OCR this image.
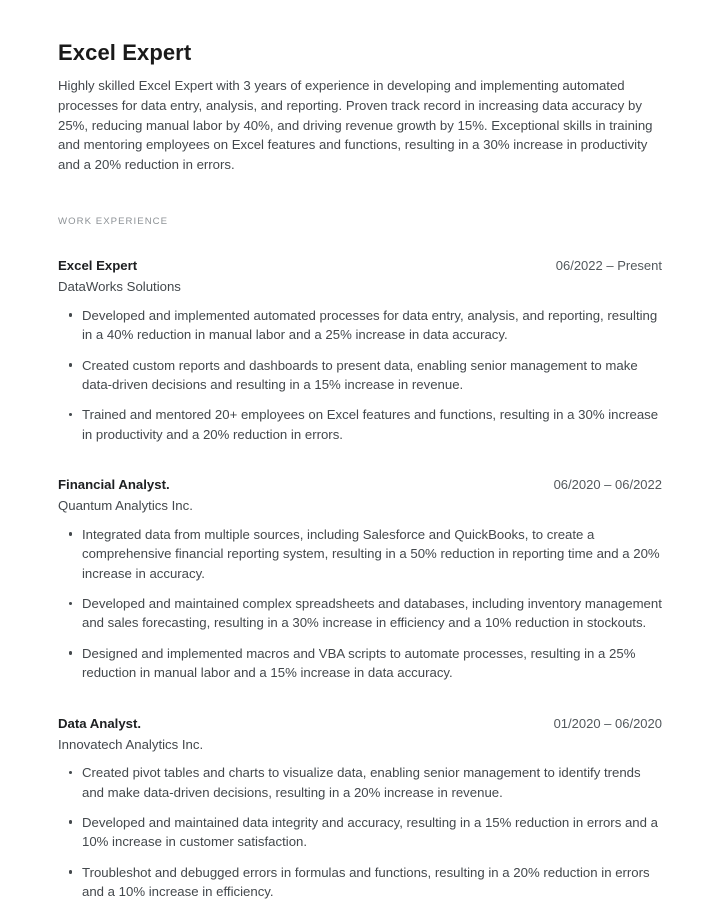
Excel Expert

Highly skilled Excel Expert with 3 years of experience in developing and implementing automated processes for data entry, analysis, and reporting. Proven track record in increasing data accuracy by 25%, reducing manual labor by 40%, and driving revenue growth by 15%. Exceptional skills in training and mentoring employees on Excel features and functions, resulting in a 30% increase in productivity and a 20% reduction in errors.

WORK EXPERIENCE
Excel Expert	06/2022 – Present
DataWorks Solutions
Developed and implemented automated processes for data entry, analysis, and reporting, resulting in a 40% reduction in manual labor and a 25% increase in data accuracy.
Created custom reports and dashboards to present data, enabling senior management to make data-driven decisions and resulting in a 15% increase in revenue.
Trained and mentored 20+ employees on Excel features and functions, resulting in a 30% increase in productivity and a 20% reduction in errors.
Financial Analyst.	06/2020 – 06/2022
Quantum Analytics Inc.
Integrated data from multiple sources, including Salesforce and QuickBooks, to create a comprehensive financial reporting system, resulting in a 50% reduction in reporting time and a 20% increase in accuracy.
Developed and maintained complex spreadsheets and databases, including inventory management and sales forecasting, resulting in a 30% increase in efficiency and a 10% reduction in stockouts.
Designed and implemented macros and VBA scripts to automate processes, resulting in a 25% reduction in manual labor and a 15% increase in data accuracy.
Data Analyst.	01/2020 – 06/2020
Innovatech Analytics Inc.
Created pivot tables and charts to visualize data, enabling senior management to identify trends and make data-driven decisions, resulting in a 20% increase in revenue.
Developed and maintained data integrity and accuracy, resulting in a 15% reduction in errors and a 10% increase in customer satisfaction.
Troubleshot and debugged errors in formulas and functions, resulting in a 20% reduction in errors and a 10% increase in efficiency.
